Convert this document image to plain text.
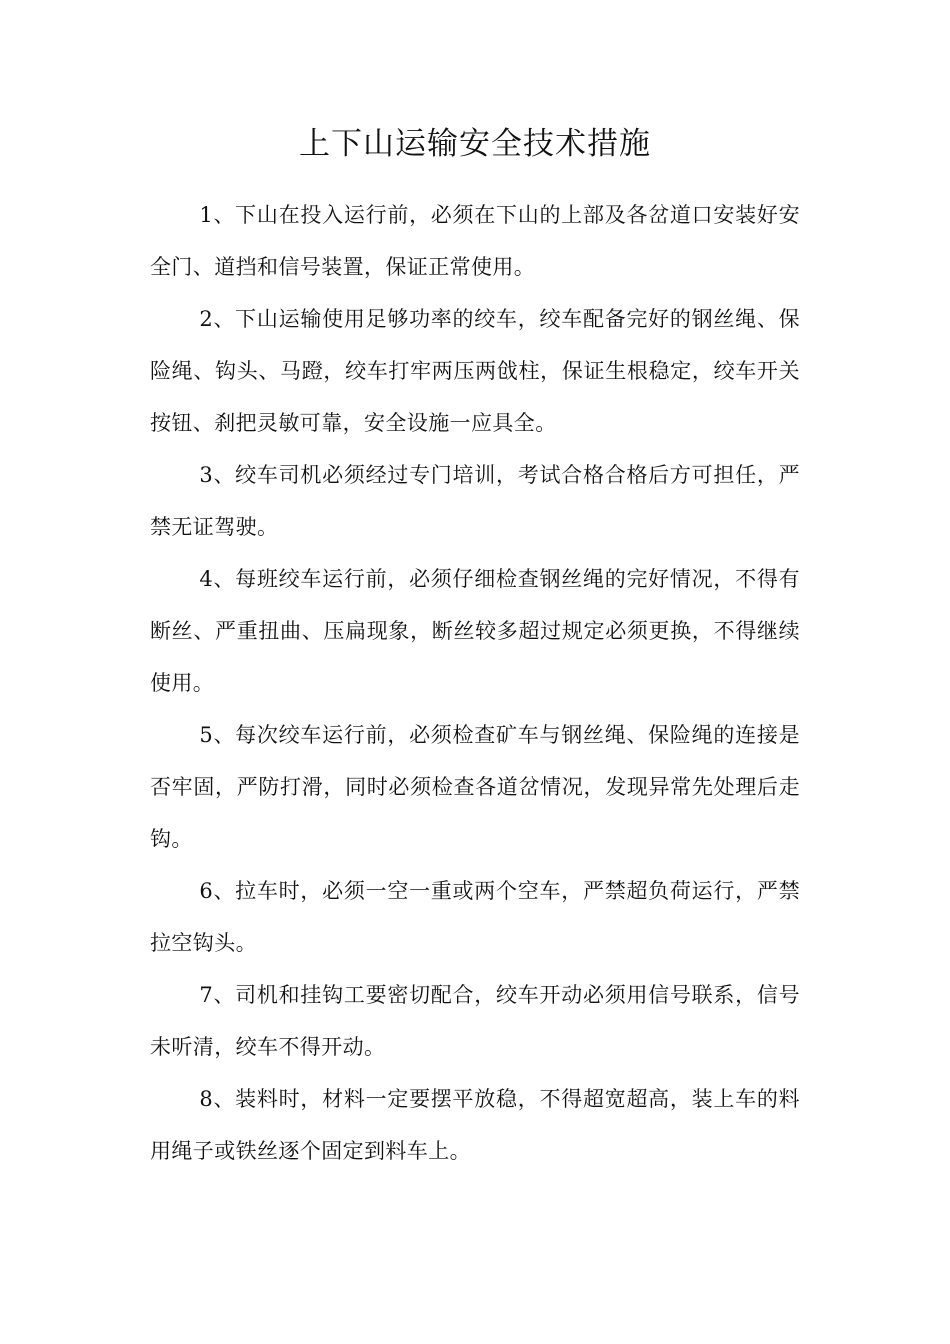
上下山运输安全技术措施

1、下山在投入运行前，必须在下山的上部及各岔道口安装好安全门、道挡和信号装置，保证正常使用。

2、下山运输使用足够功率的绞车，绞车配备完好的钢丝绳、保险绳、钩头、马蹬，绞车打牢两压两戗柱，保证生根稳定，绞车开关按钮、刹把灵敏可靠，安全设施一应具全。

3、绞车司机必须经过专门培训，考试合格合格后方可担任，严禁无证驾驶。

4、每班绞车运行前，必须仔细检查钢丝绳的完好情况，不得有断丝、严重扭曲、压扁现象，断丝较多超过规定必须更换，不得继续使用。

5、每次绞车运行前，必须检查矿车与钢丝绳、保险绳的连接是否牢固，严防打滑，同时必须检查各道岔情况，发现异常先处理后走钩。

6、拉车时，必须一空一重或两个空车，严禁超负荷运行，严禁拉空钩头。

7、司机和挂钩工要密切配合，绞车开动必须用信号联系，信号未听清，绞车不得开动。

8、装料时，材料一定要摆平放稳，不得超宽超高，装上车的料用绳子或铁丝逐个固定到料车上。
